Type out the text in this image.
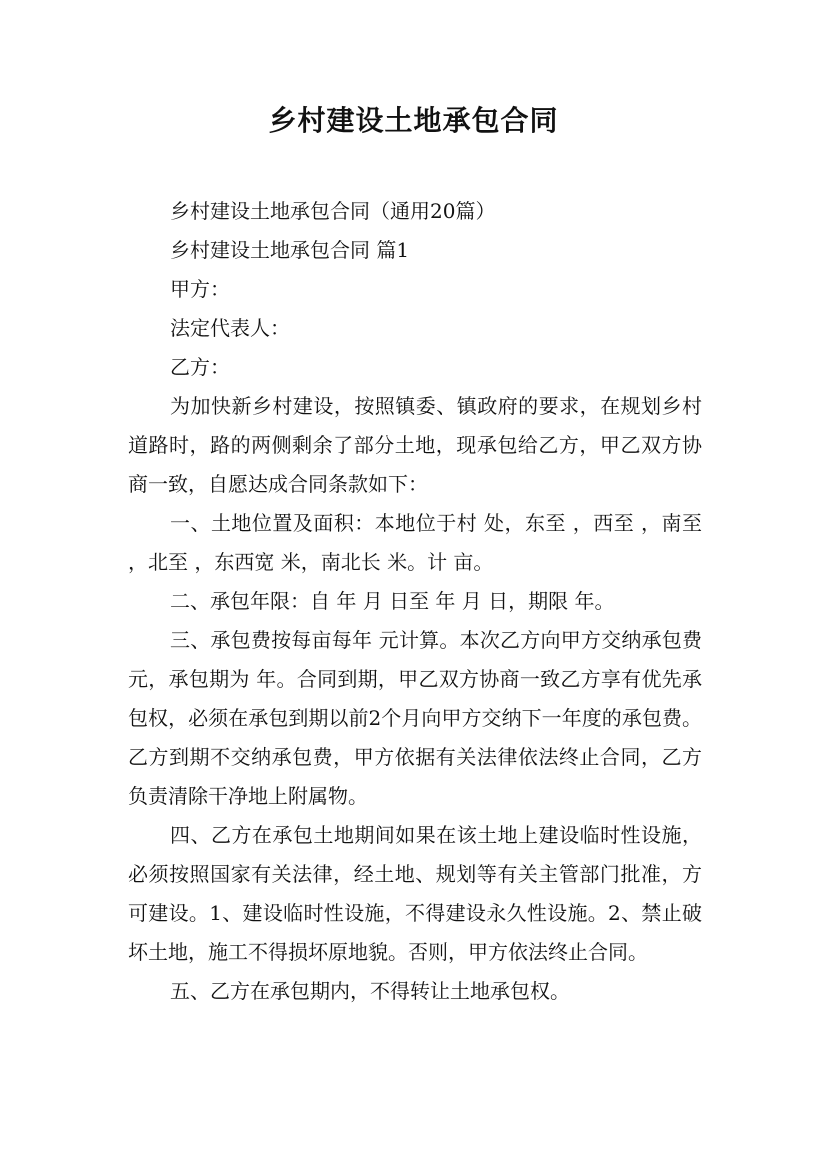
乡村建设土地承包合同

乡村建设土地承包合同（通用20篇）

乡村建设土地承包合同 篇1

甲方：

法定代表人：

乙方：

为加快新乡村建设，按照镇委、镇政府的要求，在规划乡村道路时，路的两侧剩余了部分土地，现承包给乙方，甲乙双方协商一致，自愿达成合同条款如下：

一、土地位置及面积：本地位于村 处，东至 ，西至 ，南至 ，北至 ，东西宽 米，南北长 米。计 亩。

二、承包年限：自 年 月 日至 年 月 日，期限 年。

三、承包费按每亩每年 元计算。本次乙方向甲方交纳承包费 元，承包期为 年。合同到期，甲乙双方协商一致乙方享有优先承包权，必须在承包到期以前2个月向甲方交纳下一年度的承包费。乙方到期不交纳承包费，甲方依据有关法律依法终止合同，乙方负责清除干净地上附属物。

四、乙方在承包土地期间如果在该土地上建设临时性设施，必须按照国家有关法律，经土地、规划等有关主管部门批准，方可建设。1、建设临时性设施，不得建设永久性设施。2、禁止破坏土地，施工不得损坏原地貌。否则，甲方依法终止合同。

五、乙方在承包期内，不得转让土地承包权。
